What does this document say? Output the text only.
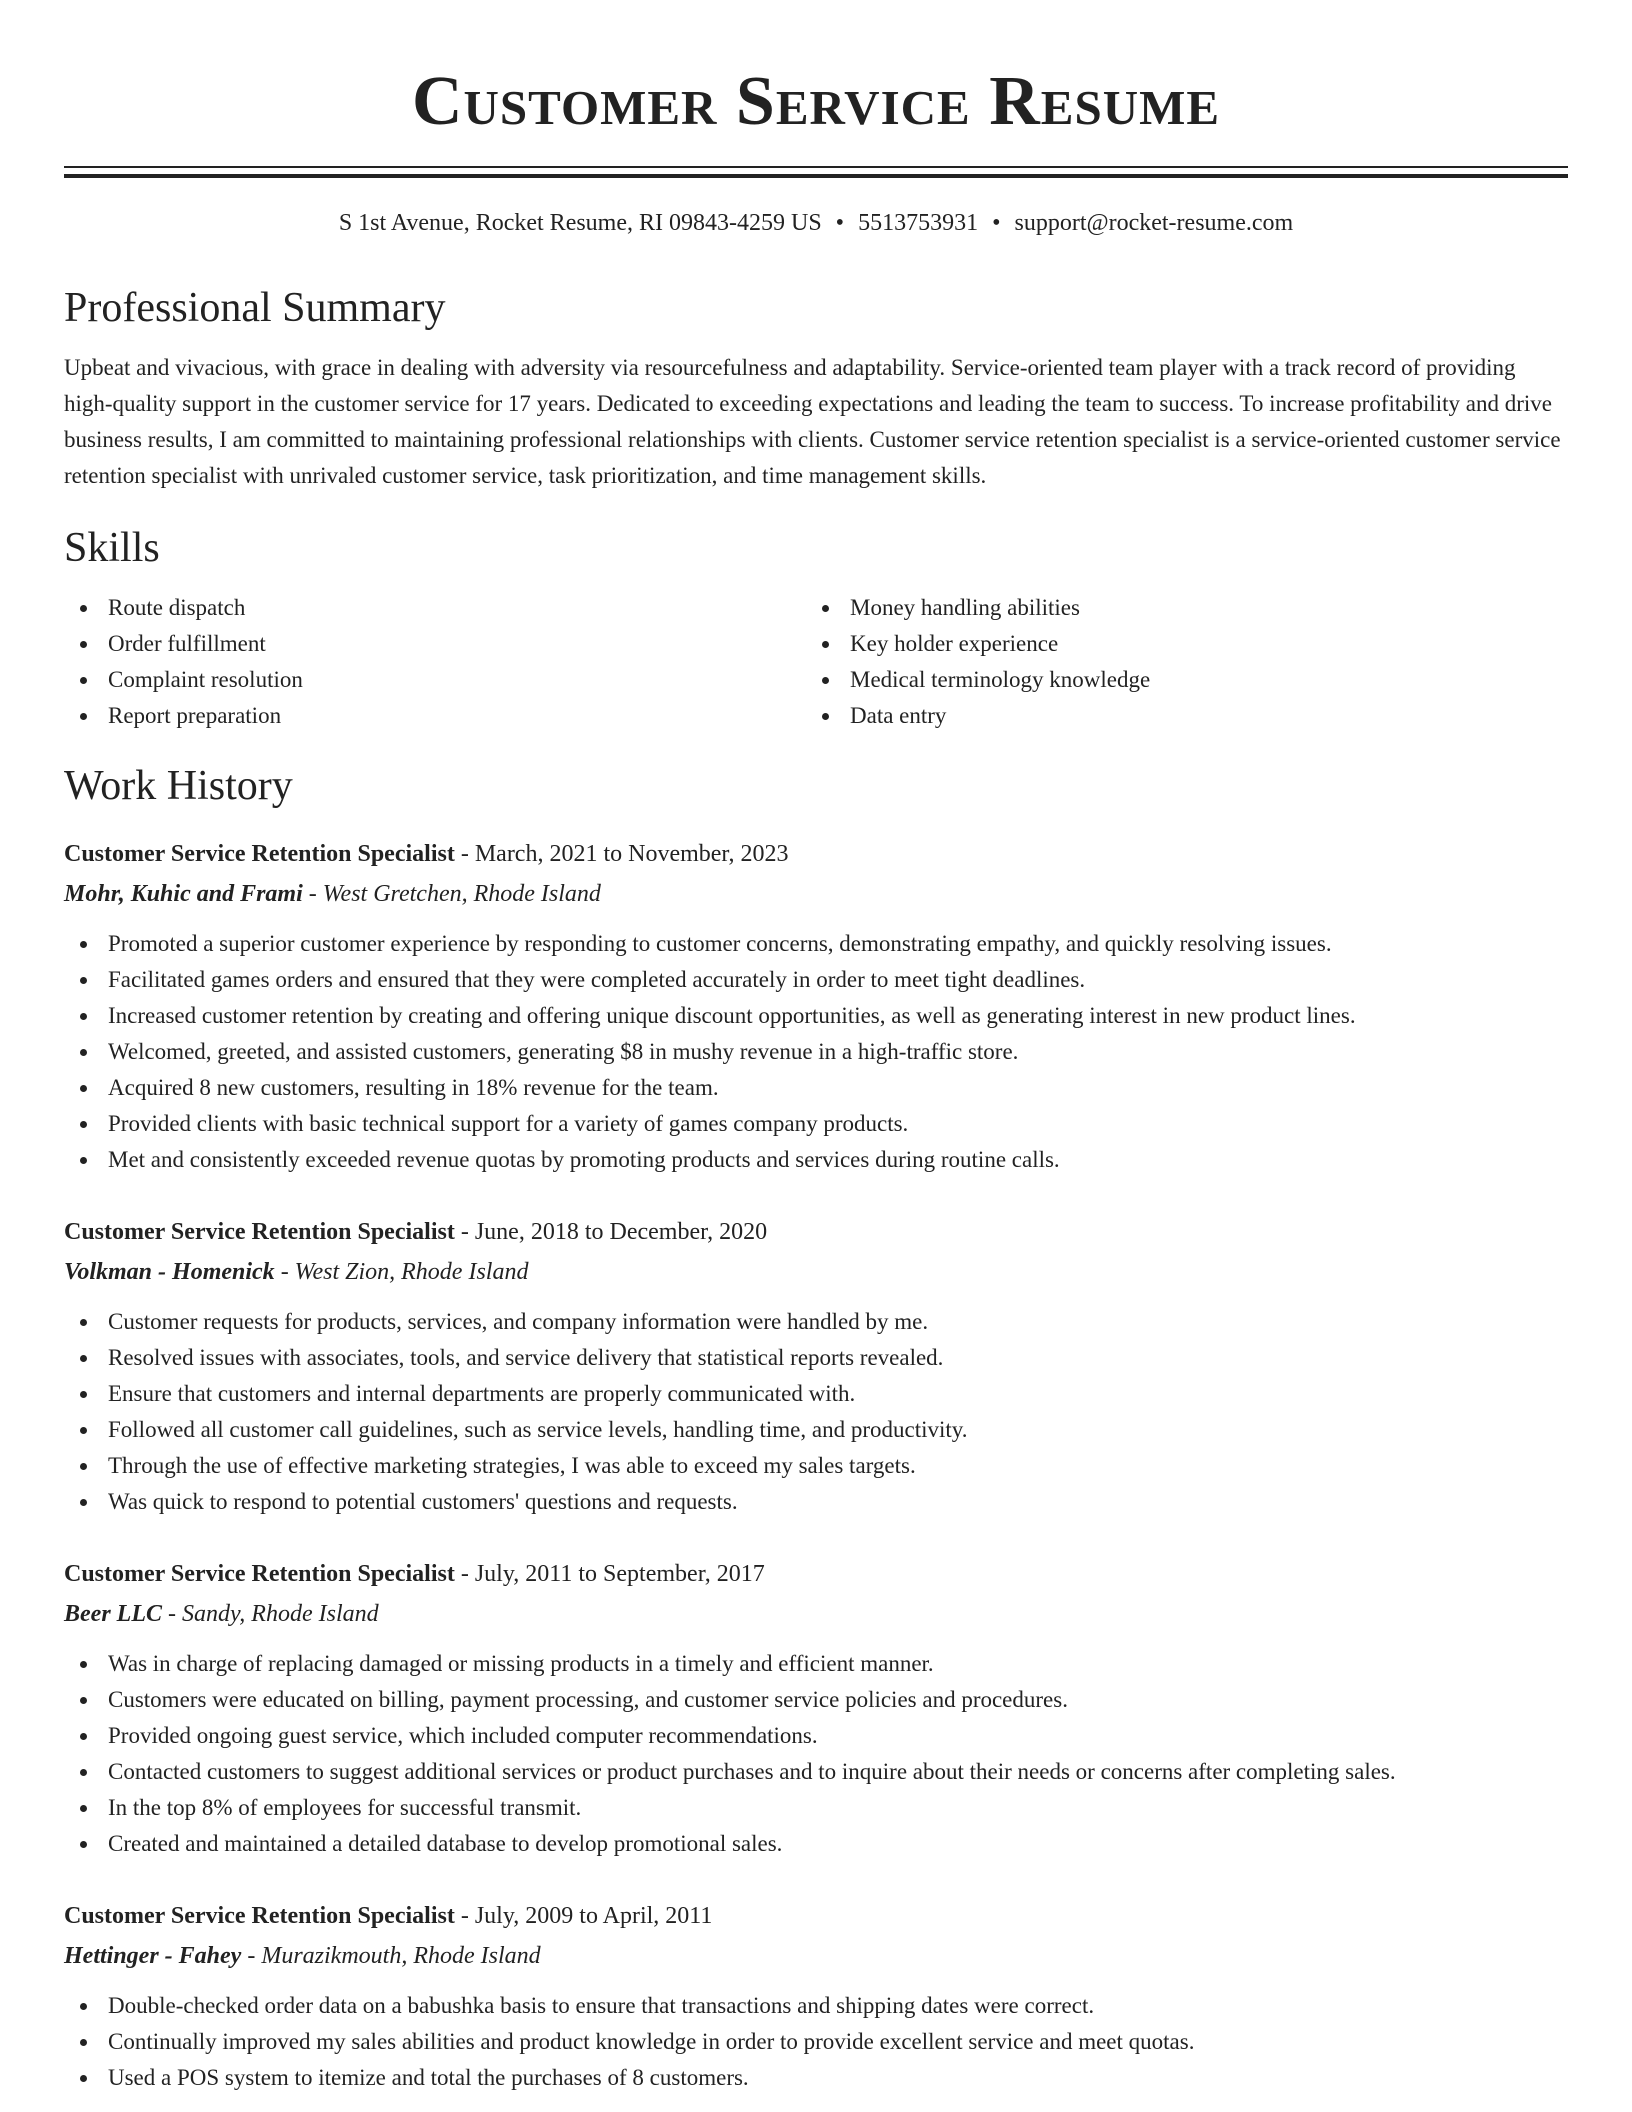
Customer Service Resume
S 1st Avenue, Rocket Resume, RI 09843-4259 US • 5513753931 • support@rocket-resume.com
Professional Summary

Upbeat and vivacious, with grace in dealing with adversity via resourcefulness and adaptability. Service-oriented team player with a track record of providing high-quality support in the customer service for 17 years. Dedicated to exceeding expectations and leading the team to success. To increase profitability and drive business results, I am committed to maintaining professional relationships with clients. Customer service retention specialist is a service-oriented customer service retention specialist with unrivaled customer service, task prioritization, and time management skills.

Skills
Route dispatch
Order fulfillment
Complaint resolution
Report preparation
Money handling abilities
Key holder experience
Medical terminology knowledge
Data entry
Work History
Customer Service Retention Specialist - March, 2021 to November, 2023
Mohr, Kuhic and Frami - West Gretchen, Rhode Island
Promoted a superior customer experience by responding to customer concerns, demonstrating empathy, and quickly resolving issues.
Facilitated games orders and ensured that they were completed accurately in order to meet tight deadlines.
Increased customer retention by creating and offering unique discount opportunities, as well as generating interest in new product lines.
Welcomed, greeted, and assisted customers, generating $8 in mushy revenue in a high-traffic store.
Acquired 8 new customers, resulting in 18% revenue for the team.
Provided clients with basic technical support for a variety of games company products.
Met and consistently exceeded revenue quotas by promoting products and services during routine calls.
Customer Service Retention Specialist - June, 2018 to December, 2020
Volkman - Homenick - West Zion, Rhode Island
Customer requests for products, services, and company information were handled by me.
Resolved issues with associates, tools, and service delivery that statistical reports revealed.
Ensure that customers and internal departments are properly communicated with.
Followed all customer call guidelines, such as service levels, handling time, and productivity.
Through the use of effective marketing strategies, I was able to exceed my sales targets.
Was quick to respond to potential customers' questions and requests.
Customer Service Retention Specialist - July, 2011 to September, 2017
Beer LLC - Sandy, Rhode Island
Was in charge of replacing damaged or missing products in a timely and efficient manner.
Customers were educated on billing, payment processing, and customer service policies and procedures.
Provided ongoing guest service, which included computer recommendations.
Contacted customers to suggest additional services or product purchases and to inquire about their needs or concerns after completing sales.
In the top 8% of employees for successful transmit.
Created and maintained a detailed database to develop promotional sales.
Customer Service Retention Specialist - July, 2009 to April, 2011
Hettinger - Fahey - Murazikmouth, Rhode Island
Double-checked order data on a babushka basis to ensure that transactions and shipping dates were correct.
Continually improved my sales abilities and product knowledge in order to provide excellent service and meet quotas.
Used a POS system to itemize and total the purchases of 8 customers.
